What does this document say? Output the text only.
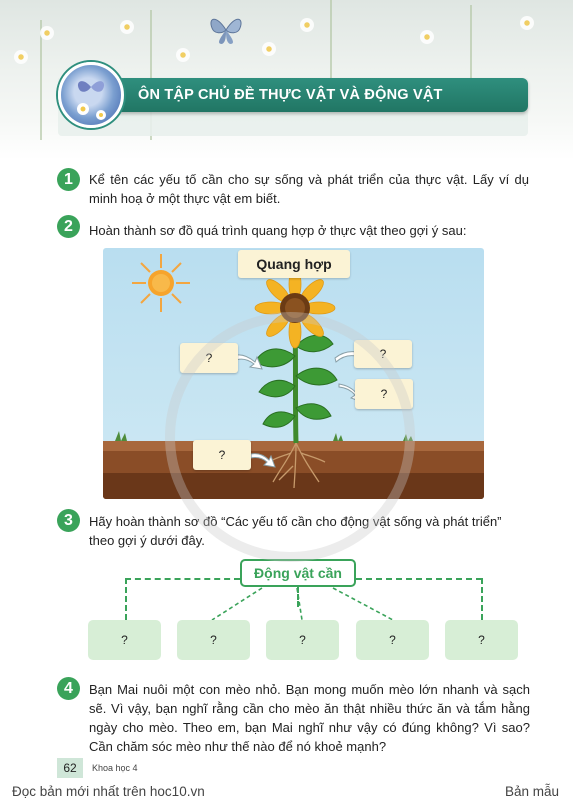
ÔN TẬP CHỦ ĐỀ THỰC VẬT VÀ ĐỘNG VẬT
1	Kể tên các yếu tố cần cho sự sống và phát triển của thực vật. Lấy ví dụ minh hoạ ở một thực vật em biết.
2	Hoàn thành sơ đồ quá trình quang hợp ở thực vật theo gợi ý sau:
Quang hợp
?	?
?
?
3	Hãy hoàn thành sơ đồ “Các yếu tố cần cho động vật sống và phát triển” theo gợi ý dưới đây.
Động vật cần
?	?	?	?	?
4	Bạn Mai nuôi một con mèo nhỏ. Bạn mong muốn mèo lớn nhanh và sạch sẽ. Vì vậy, bạn nghĩ rằng cần cho mèo ăn thật nhiều thức ăn và tắm hằng ngày cho mèo. Theo em, bạn Mai nghĩ như vậy có đúng không? Vì sao? Cần chăm sóc mèo như thế nào để nó khoẻ mạnh?
62	Khoa học 4
Đọc bản mới nhất trên hoc10.vn	Bản mẫu
